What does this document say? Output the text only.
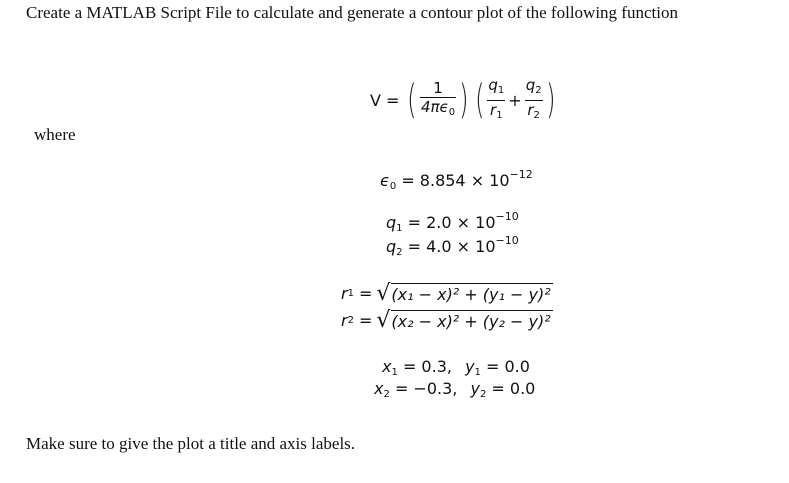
Create a MATLAB Script File to calculate and generate a contour plot of the following function
V = ( $\frac{1}{4\pi\epsilon_0}$ ) ( $\frac{q_1}{r_1} + \frac{q_2}{r_2}$ )
where
$\epsilon_0 = 8.854 \times 10^{-12}$
$q_1 = 2.0 \times 10^{-10}$
$q_2 = 4.0 \times 10^{-10}$
r 1 = √ (x₁ − x)² + (y₁ − y)²
r 2 = √ (x₂ − x)² + (y₂ − y)²
$x_1 = 0.3$, $y_1 = 0.0$
$x_2 = -0.3$, $y_2 = 0.0$
Make sure to give the plot a title and axis labels.
